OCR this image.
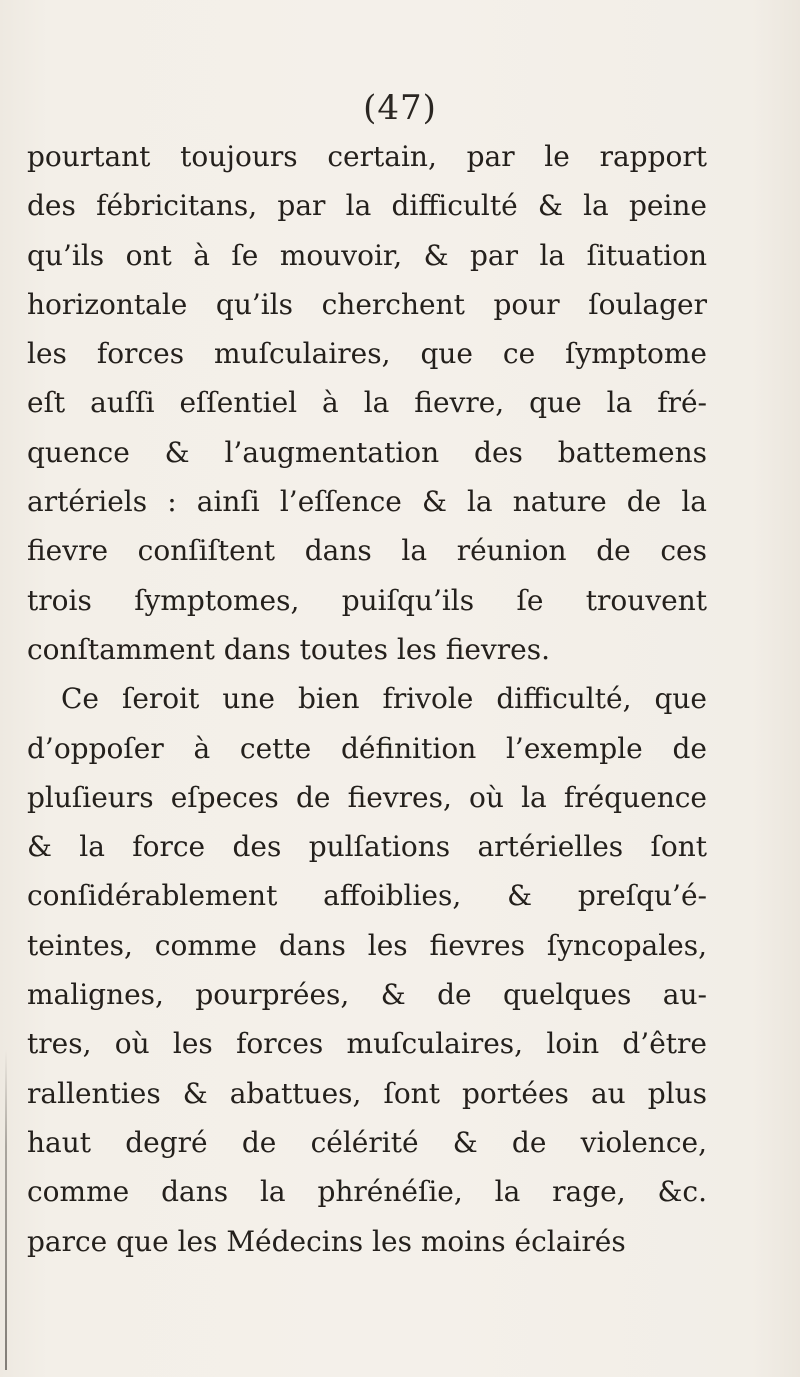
(47)
pourtant toujours certain, par le rapport
des fébricitans, par la difficulté & la peine
qu’ils ont à ſe mouvoir, & par la ſituation
horizontale qu’ils cherchent pour ſoulager
les forces muſculaires, que ce ſymptome
eſt auſſi eſſentiel à la fievre, que la fré-
quence & l’augmentation des battemens
artériels : ainſi l’eſſence & la nature de la
fievre conſiſtent dans la réunion de ces
trois ſymptomes, puiſqu’ils ſe trouvent
conſtamment dans toutes les fievres.
Ce ſeroit une bien frivole difficulté, que
d’oppoſer à cette définition l’exemple de
pluſieurs eſpeces de fievres, où la fréquence
& la force des pulſations artérielles ſont
conſidérablement affoiblies, & preſqu’é-
teintes, comme dans les fievres ſyncopales,
malignes, pourprées, & de quelques au-
tres, où les forces muſculaires, loin d’être
rallenties & abattues, ſont portées au plus
haut degré de célérité & de violence,
comme dans la phrénéſie, la rage, &c.
parce que les Médecins les moins éclairés
